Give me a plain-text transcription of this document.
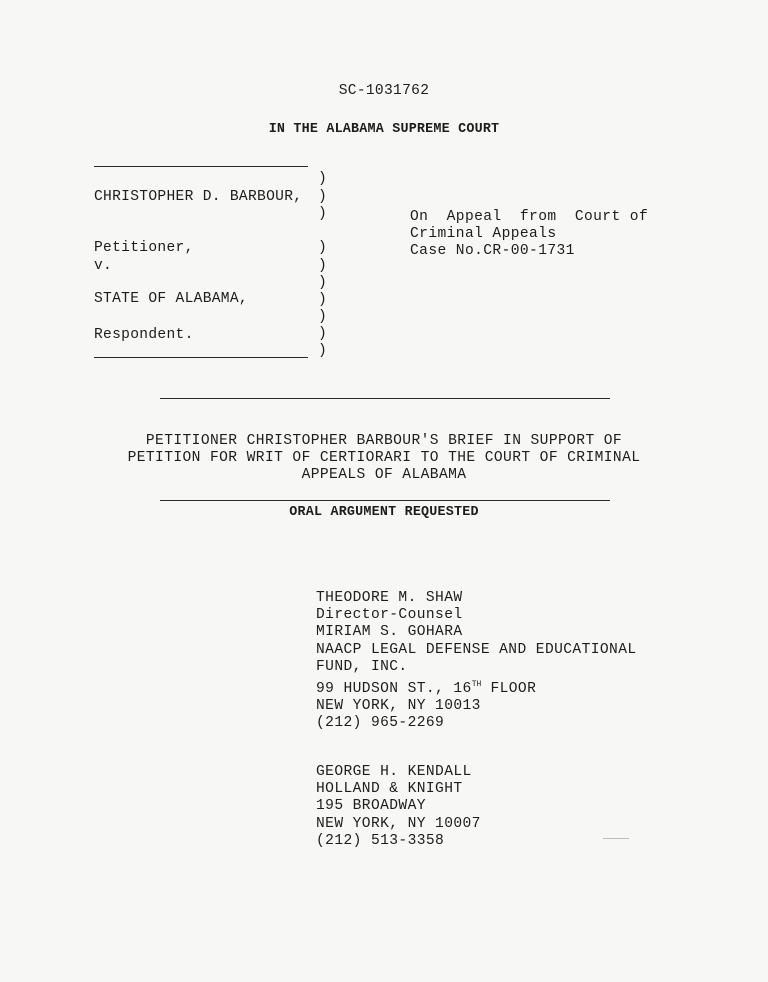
SC-1031762
IN THE ALABAMA SUPREME COURT
CHRISTOPHER D. BARBOUR,
Petitioner,
v.
STATE OF ALABAMA,
Respondent.
)
)
)
)
)
)
)
)
)
)
On  Appeal  from  Court of
Criminal Appeals
Case No.CR-00-1731
PETITIONER CHRISTOPHER BARBOUR'S BRIEF IN SUPPORT OF
PETITION FOR WRIT OF CERTIORARI TO THE COURT OF CRIMINAL
APPEALS OF ALABAMA
ORAL ARGUMENT REQUESTED
THEODORE M. SHAW
Director-Counsel
MIRIAM S. GOHARA
NAACP LEGAL DEFENSE AND EDUCATIONAL
FUND, INC.
99 HUDSON ST., 16TH FLOOR
NEW YORK, NY 10013
(212) 965-2269
GEORGE H. KENDALL
HOLLAND & KNIGHT
195 BROADWAY
NEW YORK, NY 10007
(212) 513-3358
